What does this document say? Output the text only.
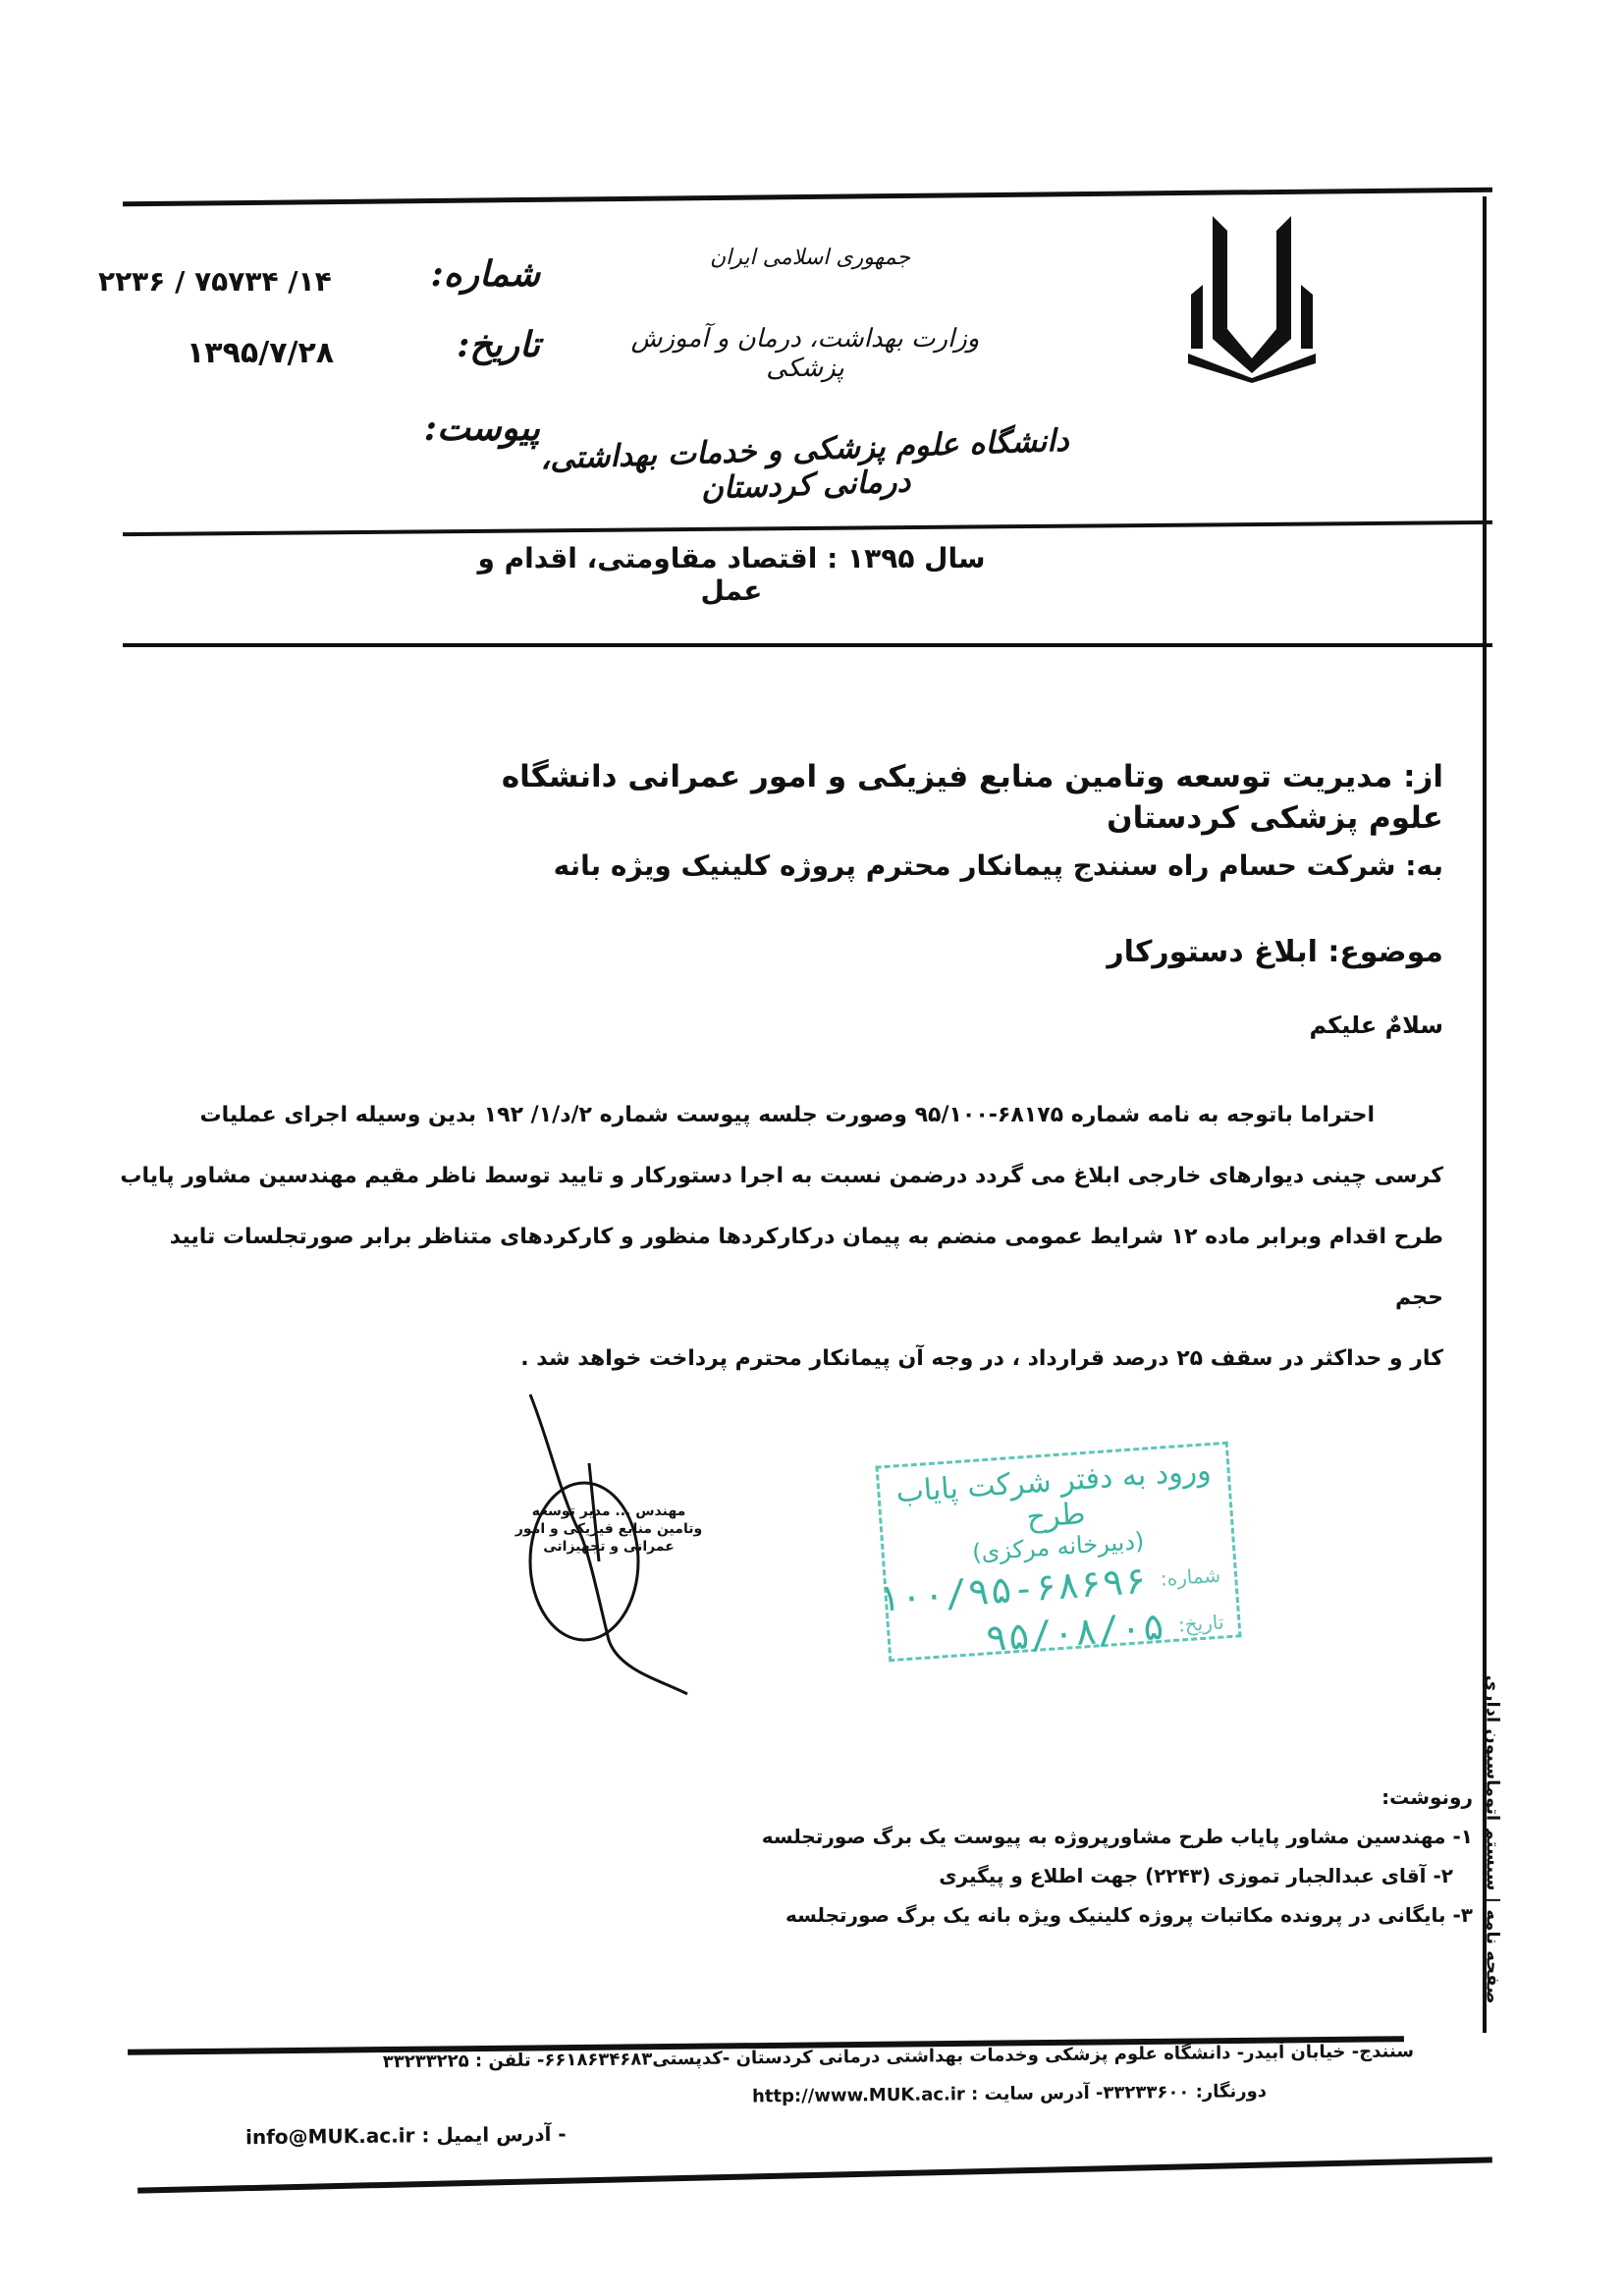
جمهوری اسلامی ایران
وزارت بهداشت، درمان و آموزش پزشکی
دانشگاه علوم پزشکی و خدمات بهداشتی، درمانی کردستان
شماره:
۱۴/ ۷۵۷۳۴ / ۲۲۳۶
تاریخ:
۱۳۹۵/۷/۲۸
پیوست:
سال ۱۳۹۵ : اقتصاد مقاومتی، اقدام و عمل
از: مدیریت توسعه وتامین منابع فیزیکی و امور عمرانی دانشگاه علوم پزشکی کردستان
به: شرکت حسام راه سنندج پیمانکار محترم پروژه کلینیک ویژه بانه
موضوع: ابلاغ دستورکار
سلامٌ علیکم
احتراما باتوجه به نامه شماره ۶۸۱۷۵-۹۵/۱۰۰ وصورت جلسه پیوست شماره ۲/د/۱/ ۱۹۲ بدین وسیله اجرای عملیات
کرسی چینی دیوارهای خارجی ابلاغ می گردد درضمن نسبت به اجرا دستورکار و تایید توسط ناظر مقیم مهندسین مشاور پایاب
طرح اقدام وبرابر ماده ۱۲ شرایط عمومی منضم به پیمان درکارکردها منظور و کارکردهای متناظر برابر صورتجلسات تایید حجم
کار و حداکثر در سقف ۲۵ درصد قرارداد ، در وجه آن پیمانکار محترم پرداخت خواهد شد .
مهندس ... مدیر توسعه وتامین منابع فیزیکی و امور عمرانی و تجهیزاتی
ورود به دفتر شرکت پایاب طرح
(دبیرخانه مرکزی)
شماره:
۱۰۰/۹۵-۶۸۶۹۶
تاریخ:
۹۵/۰۸/۰۵
صفحه نامه | سیستم اتوماسیون اداری
رونوشت:
۱- مهندسین مشاور پایاب طرح مشاورپروژه به پیوست یک برگ صورتجلسه
۲- آقای عبدالجبار تموزی (۲۲۴۳) جهت اطلاع و پیگیری
۳- بایگانی در پرونده مکاتبات پروژه کلینیک ویژه بانه یک برگ صورتجلسه
سنندج- خیابان آبیدر- دانشگاه علوم پزشکی وخدمات بهداشتی درمانی کردستان -کدپستی۶۶۱۸۶۳۴۶۸۳- تلفن : ۳۳۲۳۳۲۲۵
دورنگار: ۳۳۲۳۳۶۰۰- آدرس سایت : http://www.MUK.ac.ir
- آدرس ایمیل : info@MUK.ac.ir
